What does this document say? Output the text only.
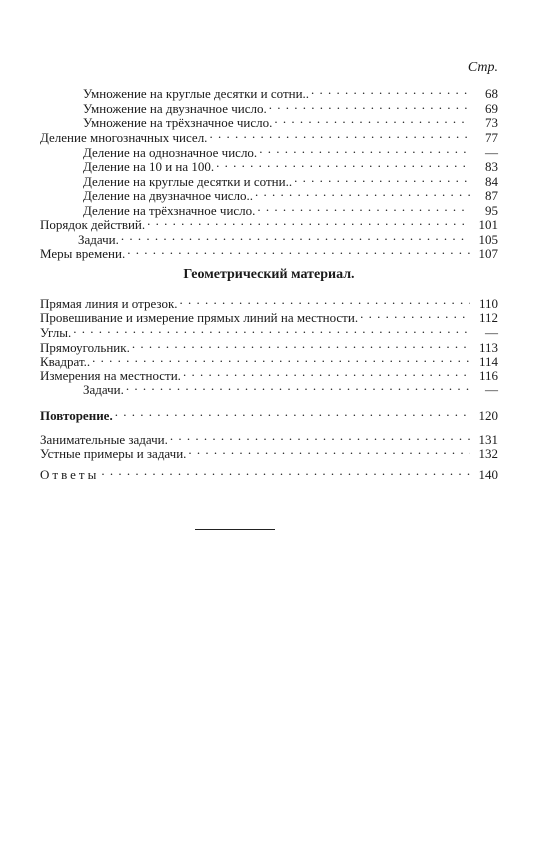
Стр.
Умножение на круглые десятки и сотни.. . . .	68
Умножение на двузначное число. . . .	69
Умножение на трёхзначное число. . . .	73
Деление многозначных чисел. . . .	77
Деление на однозначное число. . . .	—
Деление на 10 и на 100. . . .	83
Деление на круглые десятки и сотни.. . . .	84
Деление на двузначное число.. . . .	87
Деление на трёхзначное число. . . .	95
Порядок действий. . . .	101
Задачи. . . .	105
Меры времени. . . .	107
Геометрический материал.
Прямая линия и отрезок. . . .	110
Провешивание и измерение прямых линий на местности. . . .	112
Углы. . . .	—
Прямоугольник. . . .	113
Квадрат.. . . .	114
Измерения на местности. . . .	116
Задачи. . . .	—
Повторение. . . .	120
Занимательные задачи. . . .	131
Устные примеры и задачи. . . .	132
Ответы . . .	140
